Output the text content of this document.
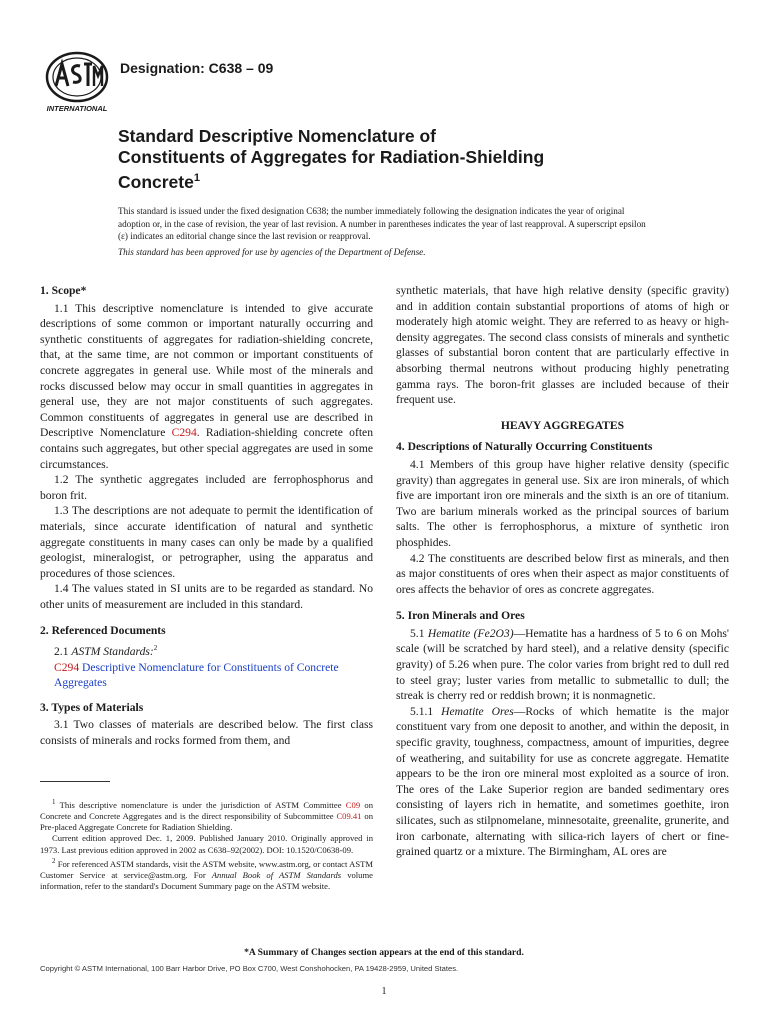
INTERNATIONAL
Designation: C638 – 09
Standard Descriptive Nomenclature of
Constituents of Aggregates for Radiation-Shielding
Concrete$^1$
This standard is issued under the fixed designation C638; the number immediately following the designation indicates the year of original adoption or, in the case of revision, the year of last revision. A number in parentheses indicates the year of last reapproval. A superscript epsilon (ε) indicates an editorial change since the last revision or reapproval.
This standard has been approved for use by agencies of the Department of Defense.
1. Scope*

1.1 This descriptive nomenclature is intended to give accurate descriptions of some common or important naturally occurring and synthetic constituents of aggregates for radiation-shielding concrete, that, at the same time, are not common or important constituents of concrete aggregates in general use. While most of the minerals and rocks discussed below may occur in small quantities in aggregates in general use, they are not major constituents of such aggregates. Common constituents of aggregates in general use are described in Descriptive Nomenclature C294. Radiation-shielding concrete often contains such aggregates, but other special aggregates are used in some circumstances.

1.2 The synthetic aggregates included are ferrophosphorus and boron frit.

1.3 The descriptions are not adequate to permit the identification of materials, since accurate identification of natural and synthetic aggregate constituents in many cases can only be made by a qualified geologist, mineralogist, or petrographer, using the apparatus and procedures of those sciences.

1.4 The values stated in SI units are to be regarded as standard. No other units of measurement are included in this standard.

2. Referenced Documents

2.1 ASTM Standards:$^2$

C294 Descriptive Nomenclature for Constituents of Concrete Aggregates

3. Types of Materials

3.1 Two classes of materials are described below. The first class consists of minerals and rocks formed from them, and

$^1$ This descriptive nomenclature is under the jurisdiction of ASTM Committee C09 on Concrete and Concrete Aggregates and is the direct responsibility of Subcommittee C09.41 on Pre-placed Aggregate Concrete for Radiation Shielding.

Current edition approved Dec. 1, 2009. Published January 2010. Originally approved in 1973. Last previous edition approved in 2002 as C638–92(2002). DOI: 10.1520/C0638-09.

$^2$ For referenced ASTM standards, visit the ASTM website, www.astm.org, or contact ASTM Customer Service at service@astm.org. For Annual Book of ASTM Standards volume information, refer to the standard's Document Summary page on the ASTM website.

synthetic materials, that have high relative density (specific gravity) and in addition contain substantial proportions of atoms of high or moderately high atomic weight. They are referred to as heavy or high-density aggregates. The second class consists of minerals and synthetic glasses of substantial boron content that are particularly effective in absorbing thermal neutrons without producing highly penetrating gamma rays. The boron-frit glasses are included because of their frequent use.

HEAVY AGGREGATES
4. Descriptions of Naturally Occurring Constituents

4.1 Members of this group have higher relative density (specific gravity) than aggregates in general use. Six are iron minerals, of which five are important iron ore minerals and the sixth is an ore of titanium. Two are barium minerals worked as the principal sources of barium salts. The other is ferrophosphorus, a mixture of synthetic iron phosphides.

4.2 The constituents are described below first as minerals, and then as major constituents of ores when their aspect as major constituents of ores affects the behavior of ores as concrete aggregates.

5. Iron Minerals and Ores

5.1 Hematite (Fe2O3)—Hematite has a hardness of 5 to 6 on Mohs' scale (will be scratched by hard steel), and a relative density (specific gravity) of 5.26 when pure. The color varies from bright red to dull red to steel gray; luster varies from metallic to submetallic to dull; the streak is cherry red or reddish brown; it is nonmagnetic.

5.1.1 Hematite Ores—Rocks of which hematite is the major constituent vary from one deposit to another, and within the deposit, in specific gravity, toughness, compactness, amount of impurities, degree of weathering, and suitability for use as concrete aggregate. Hematite appears to be the iron ore mineral most exploited as a source of iron. The ores of the Lake Superior region are banded sedimentary ores consisting of layers rich in hematite, and sometimes goethite, iron silicates, such as stilpnomelane, minnesotaite, greenalite, grunerite, and iron carbonate, alternating with silica-rich layers of chert or fine-grained quartz or a mixture. The Birmingham, AL ores are

*A Summary of Changes section appears at the end of this standard.
Copyright © ASTM International, 100 Barr Harbor Drive, PO Box C700, West Conshohocken, PA 19428-2959, United States.
1
